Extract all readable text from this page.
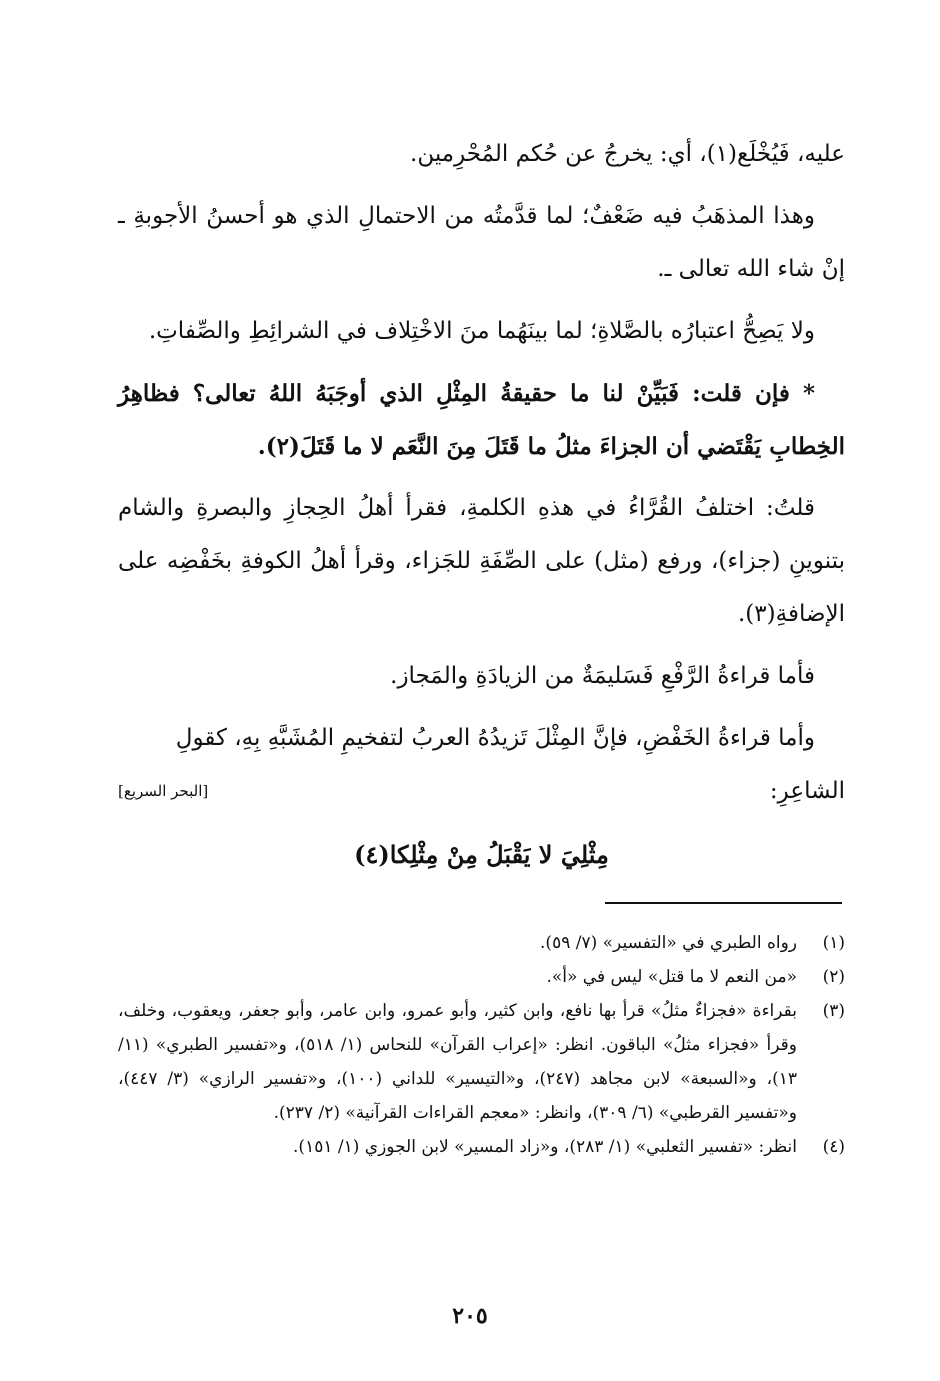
عليه، فَيُخْلَع(١)، أي: يخرجُ عن حُكم المُحْرِمين.

وهذا المذهَبُ فيه ضَعْفٌ؛ لما قدَّمتُه من الاحتمالِ الذي هو أحسنُ الأجوبةِ ـ إنْ شاء الله تعالى ـ.

ولا يَصِحُّ اعتبارُه بالصَّلاةِ؛ لما بينَهُما منَ الاخْتِلاف في الشرائِطِ والصِّفاتِ.

* فإن قلت: فَبَيِّنْ لنا ما حقيقةُ المِثْلِ الذي أوجَبَهُ اللهُ تعالى؟ فظاهِرُ الخِطابِ يَقْتَضي أن الجزاءَ مثلُ ما قَتَلَ مِنَ النَّعَم لا ما قَتَلَ(٢).

قلتُ: اختلفُ القُرَّاءُ في هذهِ الكلمةِ، فقرأ أهلُ الحِجازِ والبصرةِ والشام بتنوينِ (جزاء)، ورفع (مثل) على الصِّفَةِ للجَزاء، وقرأ أهلُ الكوفةِ بخَفْضِه على الإضافةِ(٣).

فأما قراءةُ الرَّفْعِ فَسَليمَةٌ من الزيادَةِ والمَجاز.

وأما قراءةُ الخَفْضِ، فإنَّ المِثْلَ تَزيدُهُ العربُ لتفخيمِ المُشَبَّهِ بِهِ، كقولِ

الشاعِرِ:
[البحر السريع]
مِثْلِيَ لا يَقْبَلُ مِنْ مِثْلِكا(٤)
(١)
رواه الطبري في «التفسير» (٧/ ٥٩).
(٢)
«من النعم لا ما قتل» ليس في «أ».
(٣)
بقراءة «فجزاءٌ مثلُ» قرأ بها نافع، وابن كثير، وأبو عمرو، وابن عامر، وأبو جعفر، ويعقوب، وخلف، وقرأ «فجزاء مثلُ» الباقون. انظر: «إعراب القرآن» للنحاس (١/ ٥١٨)، و«تفسير الطبري» (١١/ ١٣)، و«السبعة» لابن مجاهد (٢٤٧)، و«التيسير» للداني (١٠٠)، و«تفسير الرازي» (٣/ ٤٤٧)، و«تفسير القرطبي» (٦/ ٣٠٩)، وانظر: «معجم القراءات القرآنية» (٢/ ٢٣٧).
(٤)
انظر: «تفسير الثعلبي» (١/ ٢٨٣)، و«زاد المسير» لابن الجوزي (١/ ١٥١).
٢٠٥
